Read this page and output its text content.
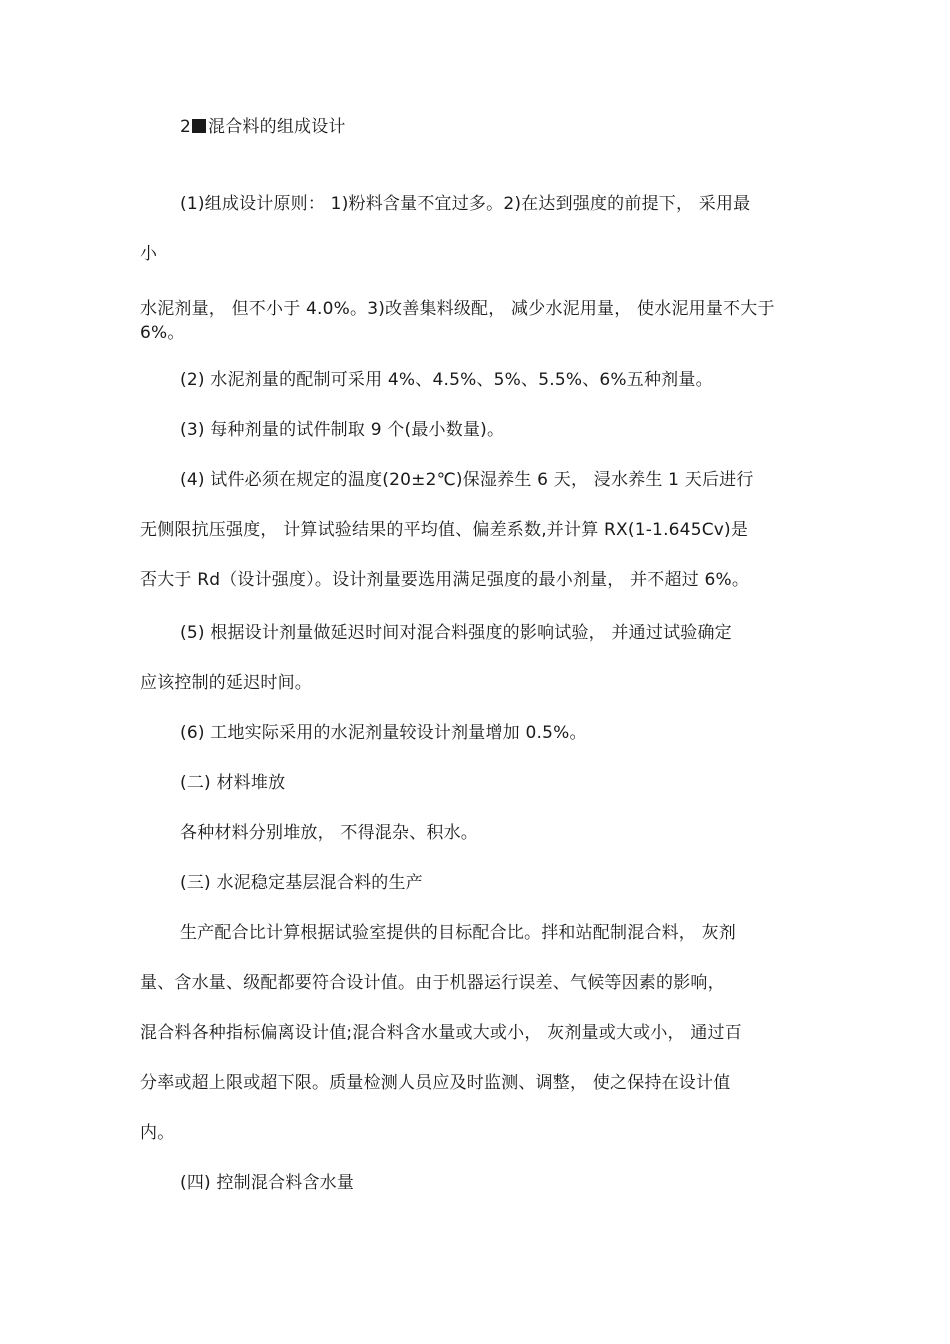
2 混合料的组成设计
(1)组成设计原则： 1)粉料含量不宜过多。2)在达到强度的前提下， 采用最
小
水泥剂量， 但不小于 4.0%。3)改善集料级配， 减少水泥用量， 使水泥用量不大于 6%。
(2) 水泥剂量的配制可采用 4%、4.5%、5%、5.5%、6%五种剂量。
(3) 每种剂量的试件制取 9 个(最小数量)。
(4) 试件必须在规定的温度(20±2℃)保湿养生 6 天， 浸水养生 1 天后进行
无侧限抗压强度， 计算试验结果的平均值、偏差系数,并计算 RX(1-1.645Cv)是
否大于 Rd（设计强度）。设计剂量要选用满足强度的最小剂量， 并不超过 6%。
(5) 根据设计剂量做延迟时间对混合料强度的影响试验， 并通过试验确定
应该控制的延迟时间。
(6) 工地实际采用的水泥剂量较设计剂量增加 0.5%。
(二) 材料堆放
各种材料分别堆放， 不得混杂、积水。
(三) 水泥稳定基层混合料的生产
生产配合比计算根据试验室提供的目标配合比。拌和站配制混合料， 灰剂
量、含水量、级配都要符合设计值。由于机器运行误差、气候等因素的影响，
混合料各种指标偏离设计值;混合料含水量或大或小， 灰剂量或大或小， 通过百
分率或超上限或超下限。质量检测人员应及时监测、调整， 使之保持在设计值
内。
(四) 控制混合料含水量
